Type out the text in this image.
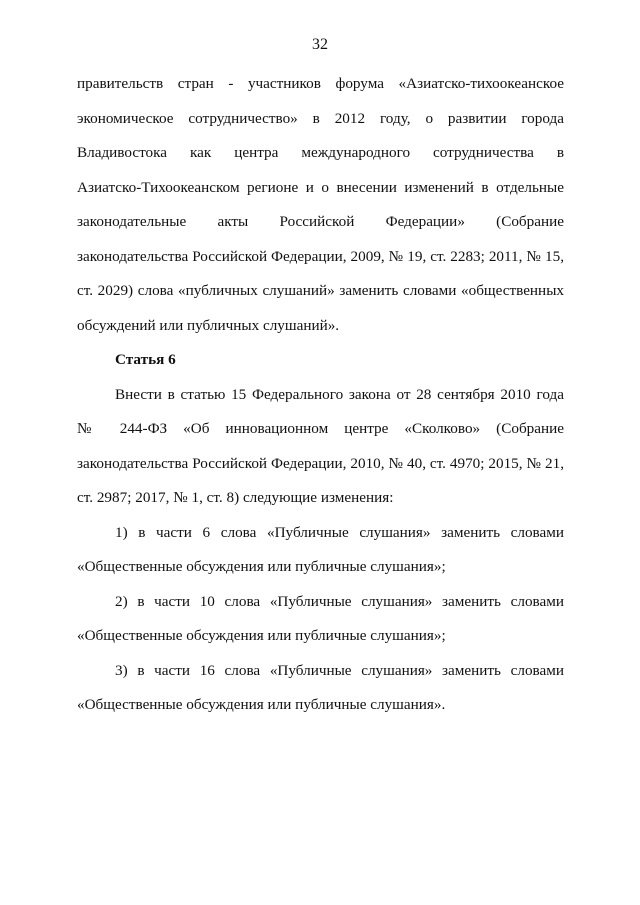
32
правительств стран - участников форума «Азиатско-тихоокеанское
экономическое сотрудничество» в 2012 году, о развитии города
Владивостока как центра международного сотрудничества в
Азиатско-Тихоокеанском регионе и о внесении изменений в отдельные
законодательные акты Российской Федерации» (Собрание
законодательства Российской Федерации, 2009, № 19, ст. 2283; 2011, № 15,
ст. 2029) слова «публичных слушаний» заменить словами «общественных
обсуждений или публичных слушаний».
Статья 6
Внести в статью 15 Федерального закона от 28 сентября 2010 года
№ 244-ФЗ «Об инновационном центре «Сколково» (Собрание
законодательства Российской Федерации, 2010, № 40, ст. 4970; 2015, № 21,
ст. 2987; 2017, № 1, ст. 8) следующие изменения:
1) в части 6 слова «Публичные слушания» заменить словами
«Общественные обсуждения или публичные слушания»;
2) в части 10 слова «Публичные слушания» заменить словами
«Общественные обсуждения или публичные слушания»;
3) в части 16 слова «Публичные слушания» заменить словами
«Общественные обсуждения или публичные слушания».
